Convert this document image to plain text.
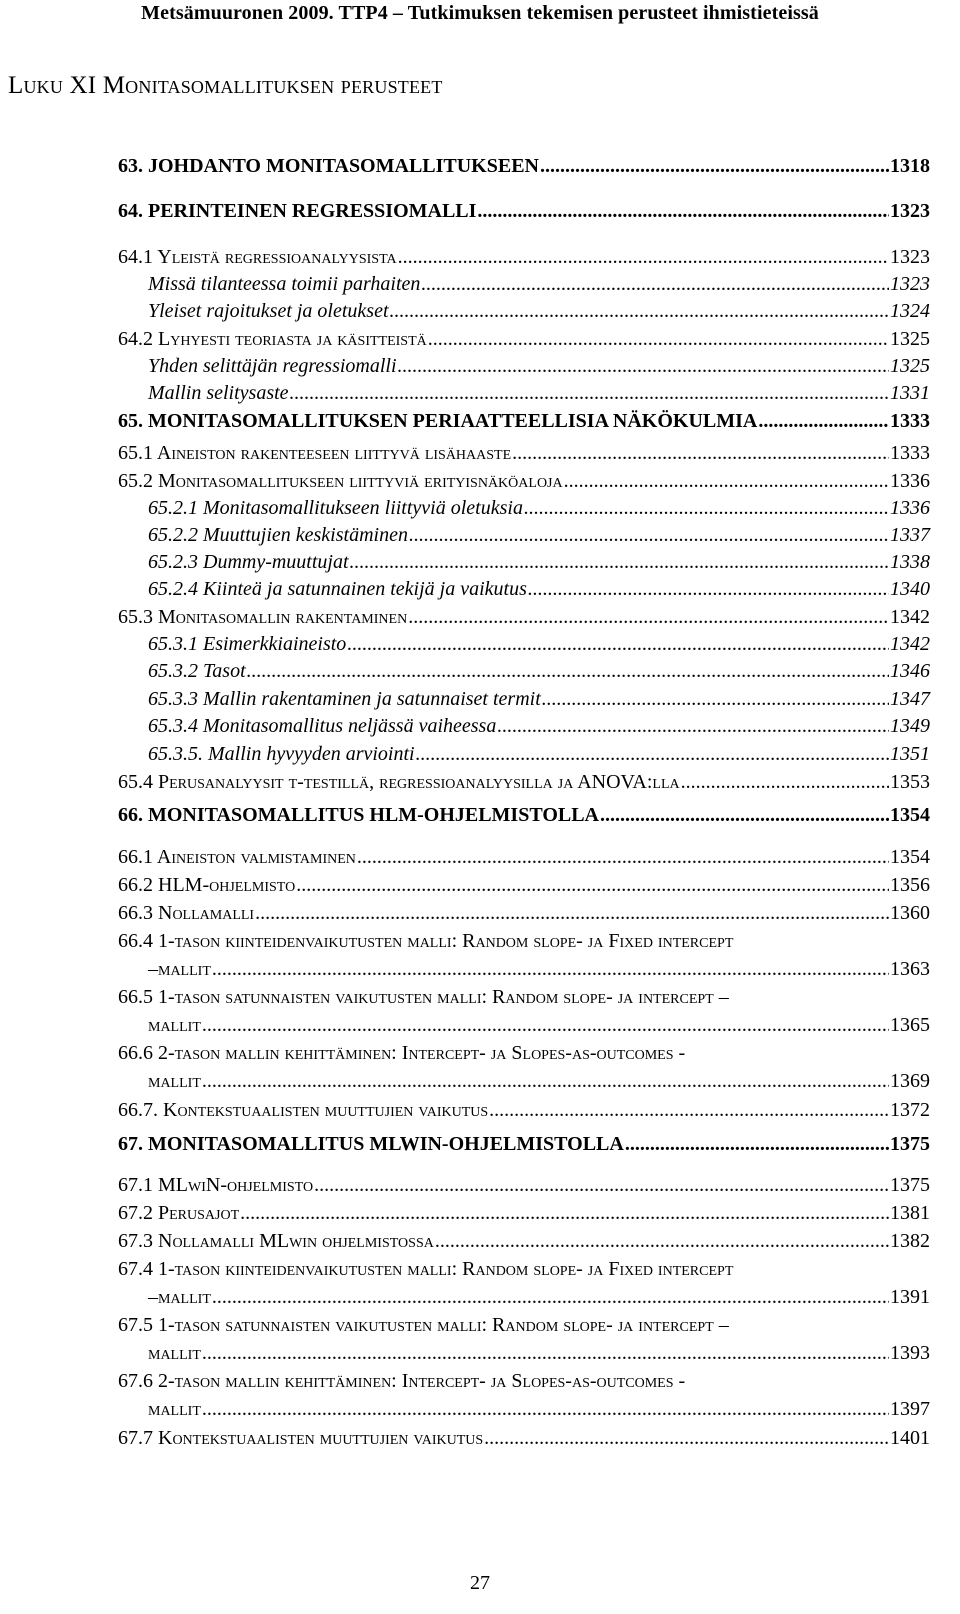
Metsämuuronen 2009. TTP4 – Tutkimuksen tekemisen perusteet ihmistieteissä
Luku XI Monitasomallituksen perusteet
63. JOHDANTO MONITASOMALLITUKSEEN .....	1318
64. PERINTEINEN REGRESSIOMALLI .....	1323
64.1 Yleistä regressioanalyysista .....	1323
Missä tilanteessa toimii parhaiten .....	1323
Yleiset rajoitukset ja oletukset .....	1324
64.2 Lyhyesti teoriasta ja käsitteistä .....	1325
Yhden selittäjän regressiomalli .....	1325
Mallin selitysaste .....	1331
65. MONITASOMALLITUKSEN PERIAATTEELLISIA NÄKÖKULMIA .....	1333
65.1 Aineiston rakenteeseen liittyvä lisähaaste .....	1333
65.2 Monitasomallitukseen liittyviä erityisnäköaloja .....	1336
65.2.1 Monitasomallitukseen liittyviä oletuksia .....	1336
65.2.2 Muuttujien keskistäminen .....	1337
65.2.3 Dummy-muuttujat .....	1338
65.2.4 Kiinteä ja satunnainen tekijä ja vaikutus .....	1340
65.3 Monitasomallin rakentaminen .....	1342
65.3.1 Esimerkkiaineisto .....	1342
65.3.2 Tasot .....	1346
65.3.3 Mallin rakentaminen ja satunnaiset termit .....	1347
65.3.4 Monitasomallitus neljässä vaiheessa .....	1349
65.3.5. Mallin hyvyyden arviointi .....	1351
65.4 Perusanalyysit t-testillä, regressioanalyysilla ja ANOVA:lla .....	1353
66. MONITASOMALLITUS HLM-OHJELMISTOLLA .....	1354
66.1 Aineiston valmistaminen .....	1354
66.2 HLM-ohjelmisto .....	1356
66.3 Nollamalli .....	1360
66.4 1-tason kiinteidenvaikutusten malli: Random slope- ja Fixed intercept
–mallit .....	1363
66.5 1-tason satunnaisten vaikutusten malli: Random slope- ja intercept –
mallit .....	1365
66.6 2-tason mallin kehittäminen: Intercept- ja Slopes-as-outcomes -
mallit .....	1369
66.7. Kontekstuaalisten muuttujien vaikutus .....	1372
67. MONITASOMALLITUS MLWIN-OHJELMISTOLLA .....	1375
67.1 MLwiN-ohjelmisto .....	1375
67.2 Perusajot .....	1381
67.3 Nollamalli MLwin ohjelmistossa .....	1382
67.4 1-tason kiinteidenvaikutusten malli: Random slope- ja Fixed intercept
–mallit .....	1391
67.5 1-tason satunnaisten vaikutusten malli: Random slope- ja intercept –
mallit .....	1393
67.6 2-tason mallin kehittäminen: Intercept- ja Slopes-as-outcomes -
mallit .....	1397
67.7 Kontekstuaalisten muuttujien vaikutus .....	1401
27
